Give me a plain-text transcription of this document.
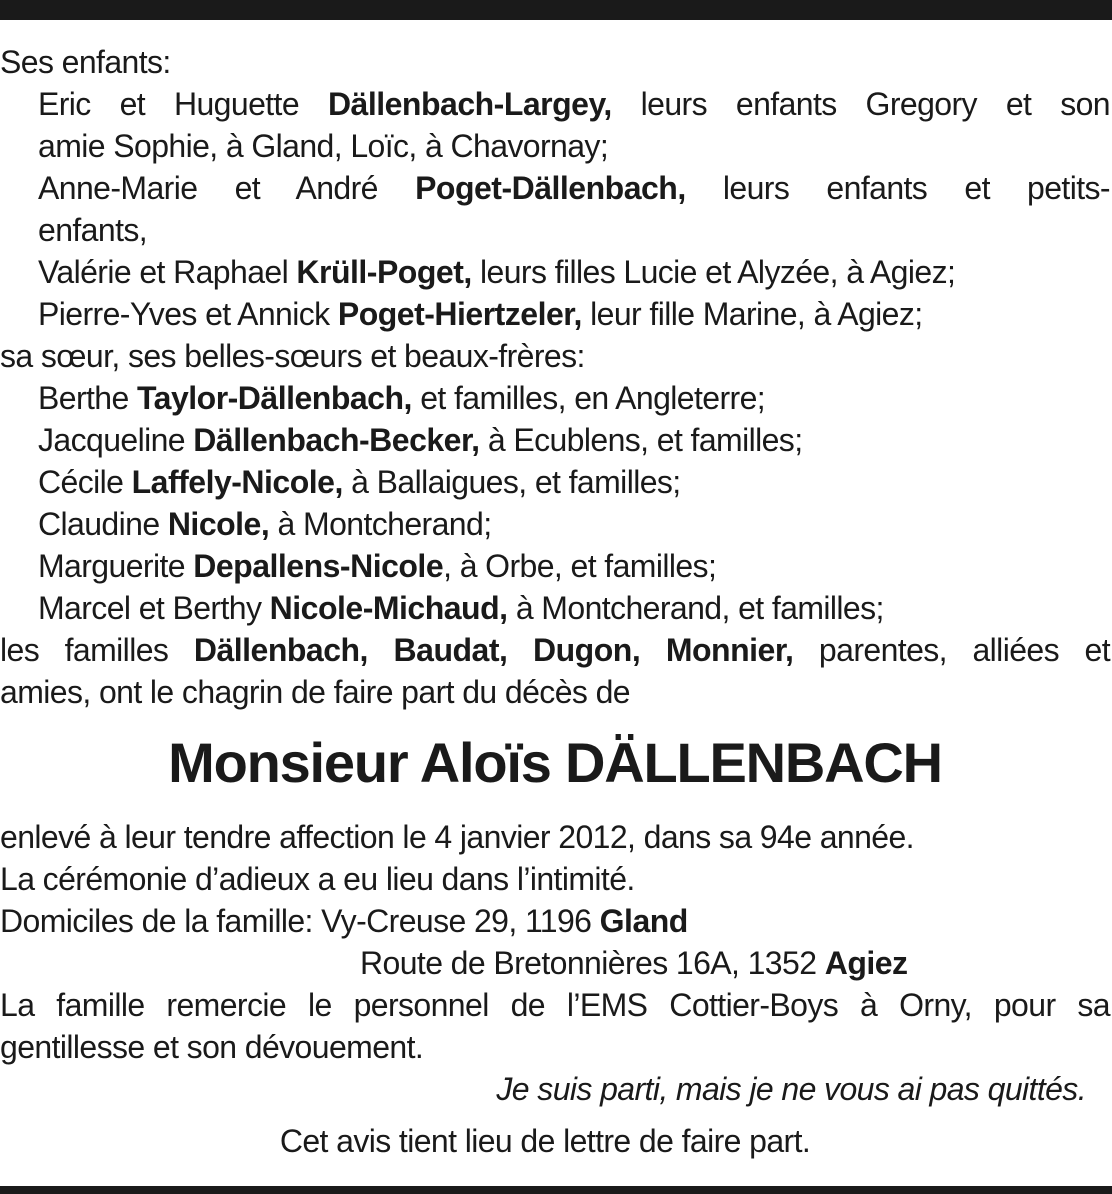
Ses enfants:
Eric et Huguette Dällenbach-Largey, leurs enfants Gregory et son
amie Sophie, à Gland, Loïc, à Chavornay;
Anne-Marie et André Poget-Dällenbach, leurs enfants et petits-
enfants,
Valérie et Raphael Krüll-Poget, leurs filles Lucie et Alyzée, à Agiez;
Pierre-Yves et Annick Poget-Hiertzeler, leur fille Marine, à Agiez;
sa sœur, ses belles-sœurs et beaux-frères:
Berthe Taylor-Dällenbach, et familles, en Angleterre;
Jacqueline Dällenbach-Becker, à Ecublens, et familles;
Cécile Laffely-Nicole, à Ballaigues, et familles;
Claudine Nicole, à Montcherand;
Marguerite Depallens-Nicole, à Orbe, et familles;
Marcel et Berthy Nicole-Michaud, à Montcherand, et familles;
les familles Dällenbach, Baudat, Dugon, Monnier, parentes, alliées et
amies, ont le chagrin de faire part du décès de
Monsieur Aloïs DÄLLENBACH
enlevé à leur tendre affection le 4 janvier 2012, dans sa 94e année.
La cérémonie d’adieux a eu lieu dans l’intimité.
Domiciles de la famille: Vy-Creuse 29, 1196 Gland
Route de Bretonnières 16A, 1352 Agiez
La famille remercie le personnel de l’EMS Cottier-Boys à Orny, pour sa
gentillesse et son dévouement.
Je suis parti, mais je ne vous ai pas quittés.
Cet avis tient lieu de lettre de faire part.
